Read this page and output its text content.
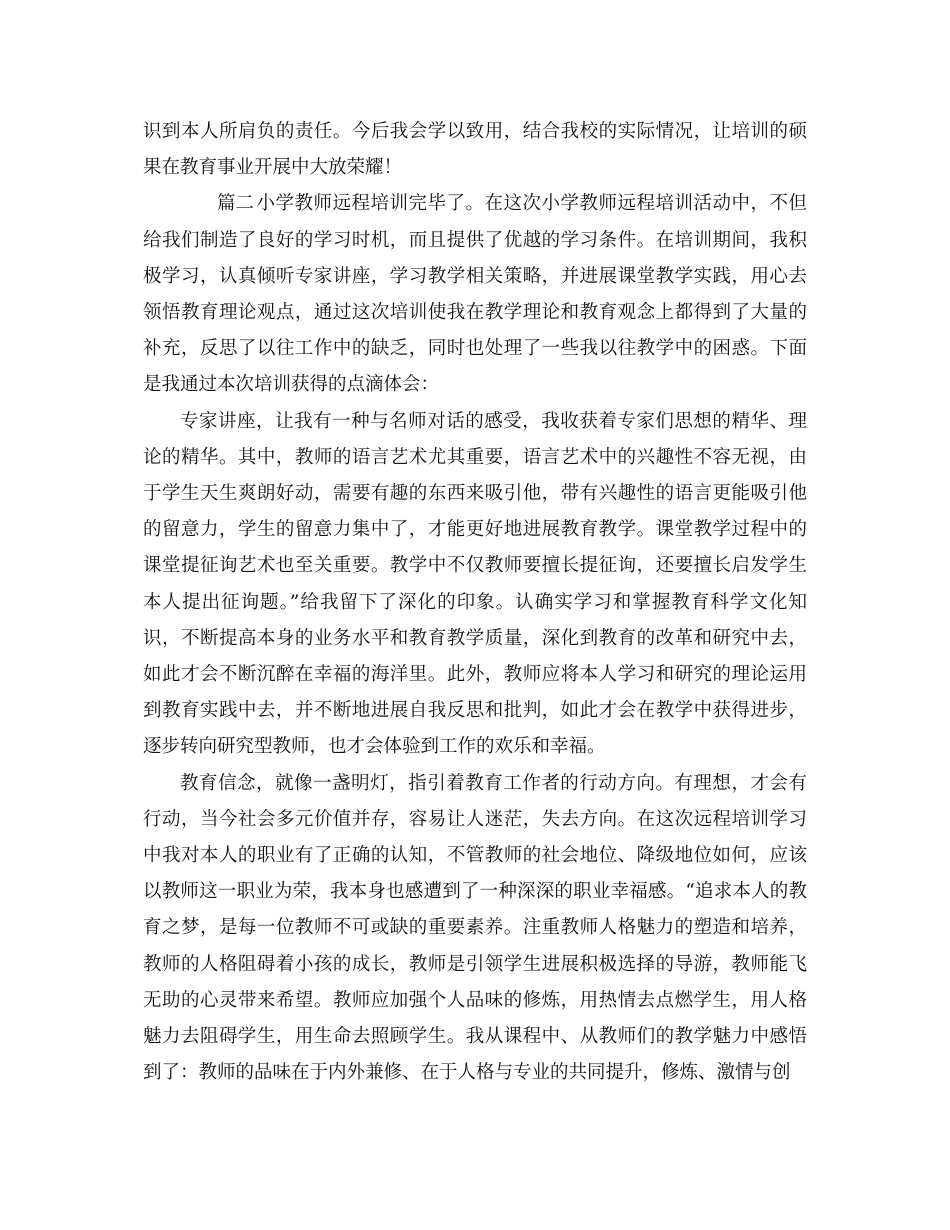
识到本人所肩负的责任。今后我会学以致用，结合我校的实际情况，让培训的硕果在教育事业开展中大放荣耀！

篇二 小学教师远程培训完毕了。在这次小学教师远程培训活动中，不但给我们制造了良好的学习时机，而且提供了优越的学习条件。在培训期间，我积极学习，认真倾听专家讲座，学习教学相关策略，并进展课堂教学实践，用心去领悟教育理论观点，通过这次培训使我在教学理论和教育观念上都得到了大量的补充，反思了以往工作中的缺乏，同时也处理了一些我以往教学中的困惑。下面是我通过本次培训获得的点滴体会：

专家讲座，让我有一种与名师对话的感受，我收获着专家们思想的精华、理论的精华。其中，教师的语言艺术尤其重要，语言艺术中的兴趣性不容无视，由于学生天生爽朗好动，需要有趣的东西来吸引他，带有兴趣性的语言更能吸引他的留意力，学生的留意力集中了，才能更好地进展教育教学。课堂教学过程中的课堂提征询艺术也至关重要。教学中不仅教师要擅长提征询，还要擅长启发学生本人提出征询题。”给我留下了深化的印象。认确实学习和掌握教育科学文化知识，不断提高本身的业务水平和教育教学质量，深化到教育的改革和研究中去，如此才会不断沉醉在幸福的海洋里。此外，教师应将本人学习和研究的理论运用到教育实践中去，并不断地进展自我反思和批判，如此才会在教学中获得进步，逐步转向研究型教师，也才会体验到工作的欢乐和幸福。

教育信念，就像一盏明灯，指引着教育工作者的行动方向。有理想，才会有行动，当今社会多元价值并存，容易让人迷茫，失去方向。在这次远程培训学习中我对本人的职业有了正确的认知，不管教师的社会地位、降级地位如何，应该以教师这一职业为荣，我本身也感遭到了一种深深的职业幸福感。“追求本人的教育之梦，是每一位教师不可或缺的重要素养。注重教师人格魅力的塑造和培养，教师的人格阻碍着小孩的成长，教师是引领学生进展积极选择的导游，教师能飞无助的心灵带来希望。教师应加强个人品味的修炼，用热情去点燃学生，用人格魅力去阻碍学生，用生命去照顾学生。我从课程中、从教师们的教学魅力中感悟到了：教师的品味在于内外兼修、在于人格与专业的共同提升，修炼、激情与创
